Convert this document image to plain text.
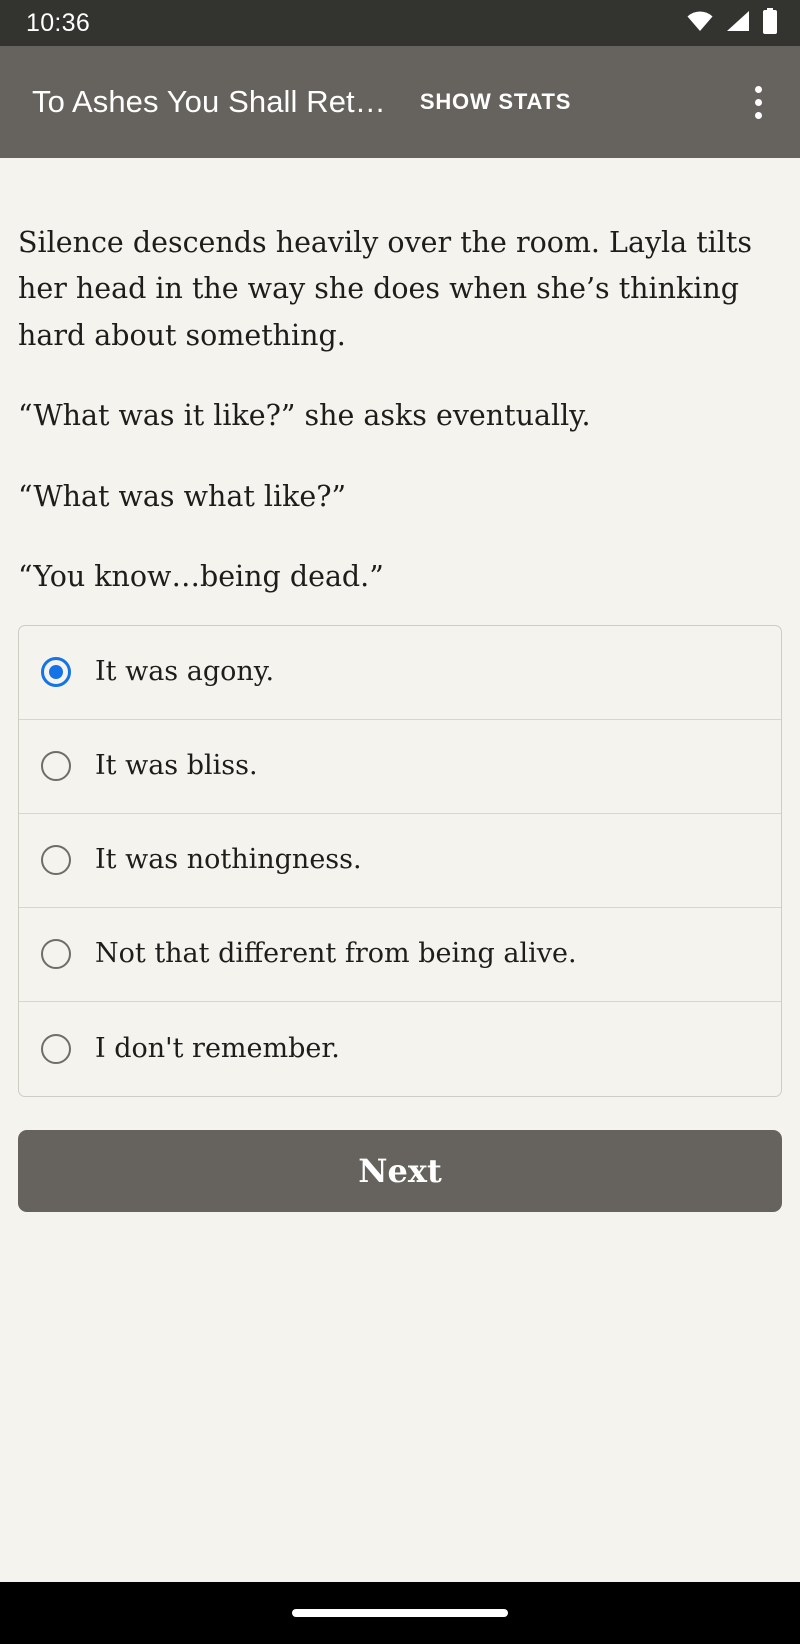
10:36
To Ashes You Shall Ret… SHOW STATS

Silence descends heavily over the room. Layla tilts her head in the way she does when she’s thinking hard about something.

“What was it like?” she asks eventually.

“What was what like?”

“You know…being dead.”

It was agony.
It was bliss.
It was nothingness.
Not that different from being alive.
I don't remember.
Next
